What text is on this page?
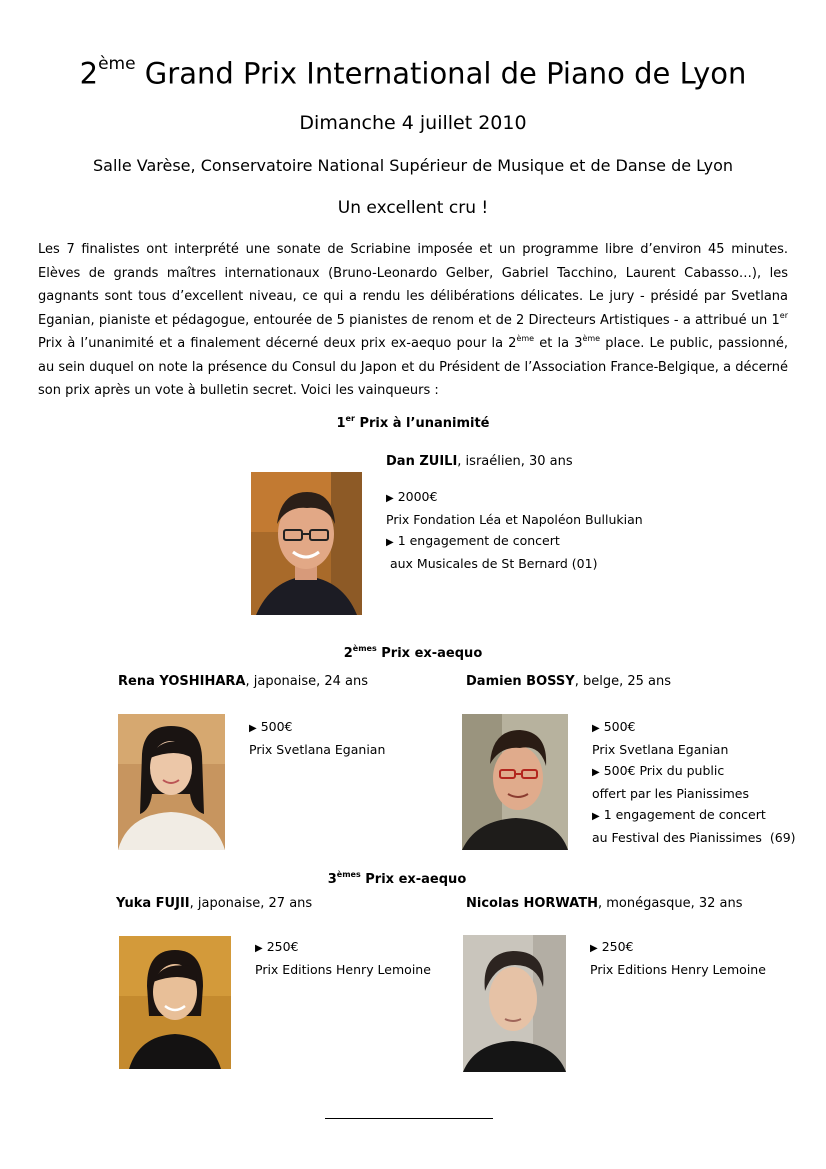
2ème Grand Prix International de Piano de Lyon
Dimanche 4 juillet 2010
Salle Varèse, Conservatoire National Supérieur de Musique et de Danse de Lyon
Un excellent cru !
Les 7 finalistes ont interprété une sonate de Scriabine imposée et un programme libre d’environ 45 minutes. Elèves de grands maîtres internationaux (Bruno-Leonardo Gelber, Gabriel Tacchino, Laurent Cabasso…), les gagnants sont tous d’excellent niveau, ce qui a rendu les délibérations délicates. Le jury - présidé par Svetlana Eganian, pianiste et pédagogue, entourée de 5 pianistes de renom et de 2 Directeurs Artistiques - a attribué un 1er Prix à l’unanimité et a finalement décerné deux prix ex-aequo pour la 2ème et la 3ème place. Le public, passionné, au sein duquel on note la présence du Consul du Japon et du Président de l’Association France-Belgique, a décerné son prix après un vote à bulletin secret. Voici les vainqueurs :
1er Prix à l’unanimité
Dan ZUILI, israélien, 30 ans
▶ 2000€
Prix Fondation Léa et Napoléon Bullukian
▶ 1 engagement de concert
aux Musicales de St Bernard (01)
2èmes Prix ex-aequo
Rena YOSHIHARA, japonaise, 24 ans	Damien BOSSY, belge, 25 ans
▶ 500€
Prix Svetlana Eganian
▶ 500€
Prix Svetlana Eganian
▶ 500€ Prix du public
offert par les Pianissimes
▶ 1 engagement de concert
au Festival des Pianissimes  (69)
3èmes Prix ex-aequo
Yuka FUJII, japonaise, 27 ans	Nicolas HORWATH, monégasque, 32 ans
▶ 250€
Prix Editions Henry Lemoine
▶ 250€
Prix Editions Henry Lemoine
